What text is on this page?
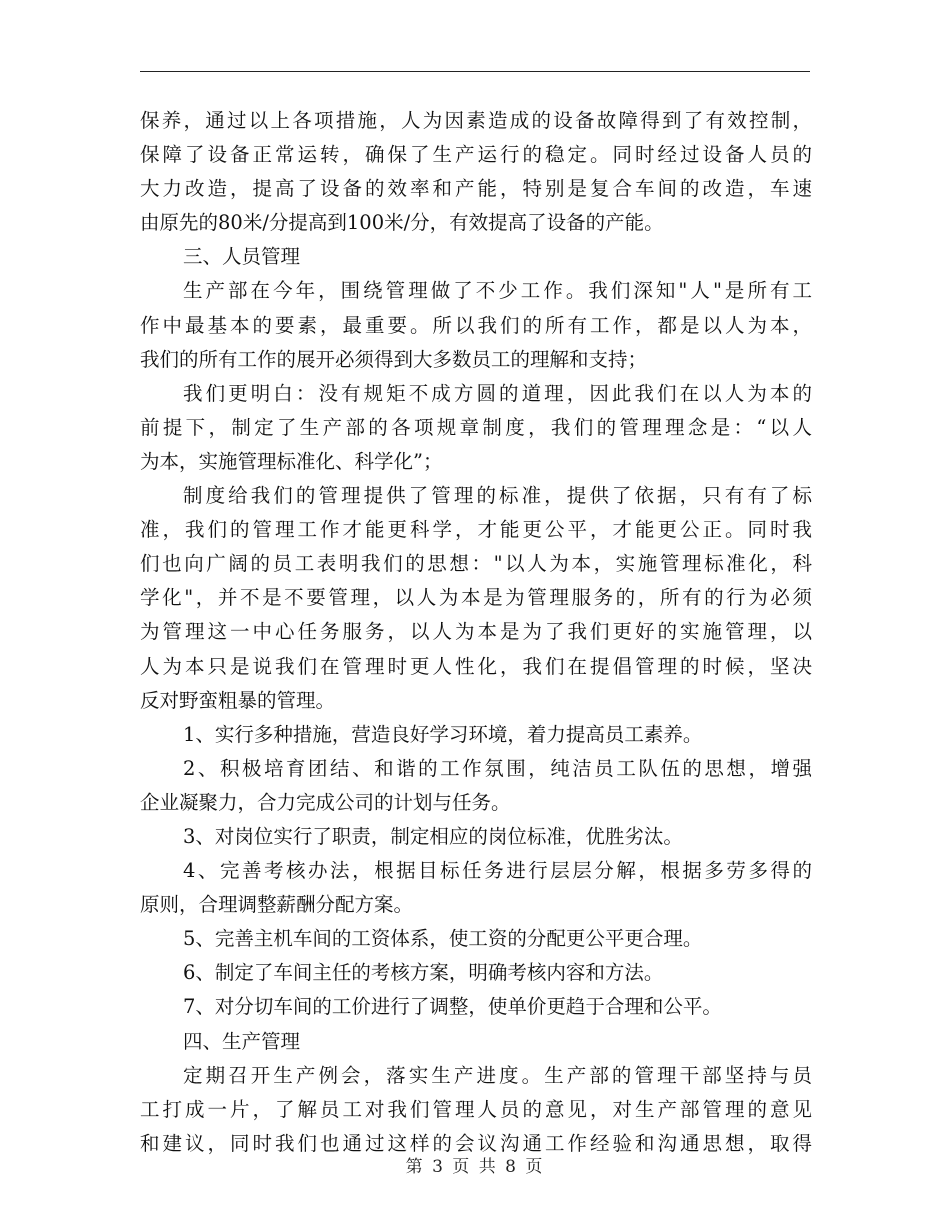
保养，通过以上各项措施，人为因素造成的设备故障得到了有效控制，
保障了设备正常运转，确保了生产运行的稳定。同时经过设备人员的
大力改造，提高了设备的效率和产能，特别是复合车间的改造，车速
由原先的80米/分提高到100米/分，有效提高了设备的产能。
三、人员管理
生产部在今年，围绕管理做了不少工作。我们深知"人"是所有工
作中最基本的要素，最重要。所以我们的所有工作，都是以人为本，
我们的所有工作的展开必须得到大多数员工的理解和支持；
我们更明白：没有规矩不成方圆的道理，因此我们在以人为本的
前提下，制定了生产部的各项规章制度，我们的管理理念是：“以人
为本，实施管理标准化、科学化”；
制度给我们的管理提供了管理的标准，提供了依据，只有有了标
准，我们的管理工作才能更科学，才能更公平，才能更公正。同时我
们也向广阔的员工表明我们的思想："以人为本，实施管理标准化，科
学化"，并不是不要管理，以人为本是为管理服务的，所有的行为必须
为管理这一中心任务服务，以人为本是为了我们更好的实施管理，以
人为本只是说我们在管理时更人性化，我们在提倡管理的时候，坚决
反对野蛮粗暴的管理。
1、实行多种措施，营造良好学习环境，着力提高员工素养。
2、积极培育团结、和谐的工作氛围，纯洁员工队伍的思想，增强
企业凝聚力，合力完成公司的计划与任务。
3、对岗位实行了职责，制定相应的岗位标准，优胜劣汰。
4、完善考核办法，根据目标任务进行层层分解，根据多劳多得的
原则，合理调整薪酬分配方案。
5、完善主机车间的工资体系，使工资的分配更公平更合理。
6、制定了车间主任的考核方案，明确考核内容和方法。
7、对分切车间的工价进行了调整，使单价更趋于合理和公平。
四、生产管理
定期召开生产例会，落实生产进度。生产部的管理干部坚持与员
工打成一片，了解员工对我们管理人员的意见，对生产部管理的意见
和建议，同时我们也通过这样的会议沟通工作经验和沟通思想，取得
第 3 页 共 8 页
